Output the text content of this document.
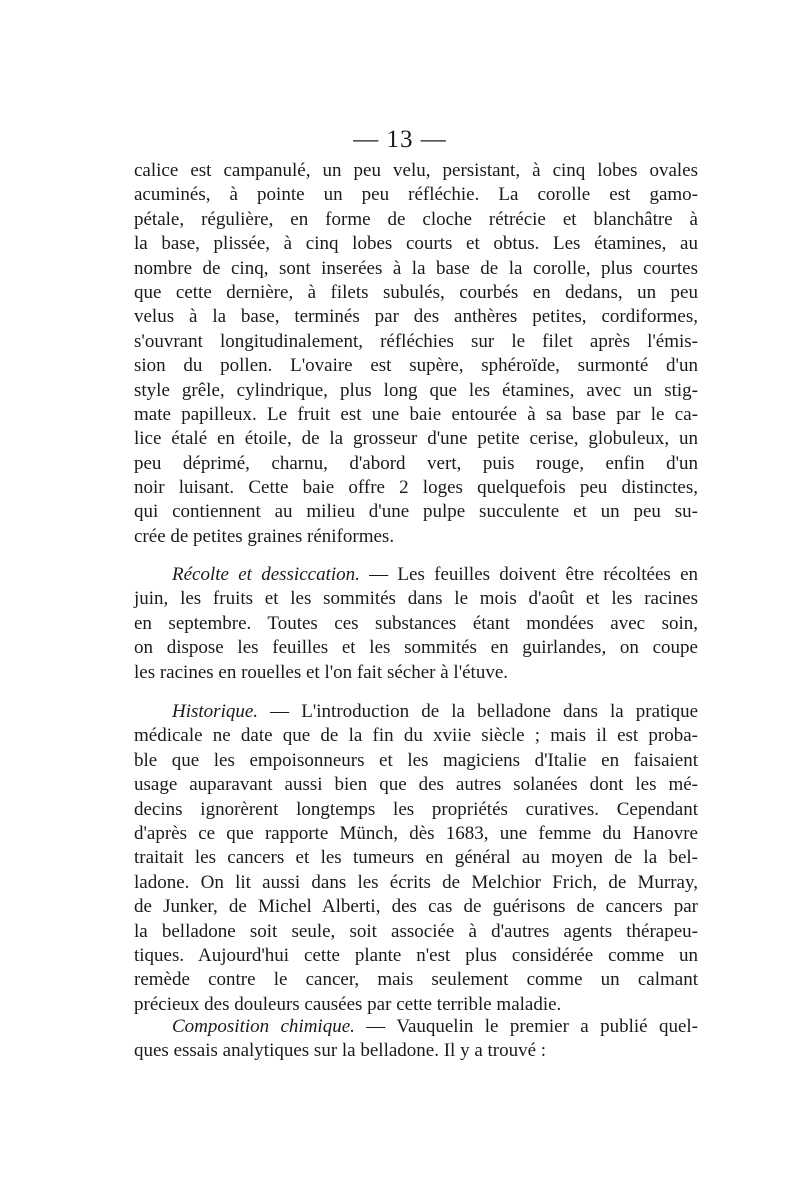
— 13 —
calice est campanulé, un peu velu, persistant, à cinq lobes ovales
acuminés, à pointe un peu réfléchie. La corolle est gamo-
pétale, régulière, en forme de cloche rétrécie et blanchâtre à
la base, plissée, à cinq lobes courts et obtus. Les étamines, au
nombre de cinq, sont inserées à la base de la corolle, plus courtes
que cette dernière, à filets subulés, courbés en dedans, un peu
velus à la base, terminés par des anthères petites, cordiformes,
s'ouvrant longitudinalement, réfléchies sur le filet après l'émis-
sion du pollen. L'ovaire est supère, sphéroïde, surmonté d'un
style grêle, cylindrique, plus long que les étamines, avec un stig-
mate papilleux. Le fruit est une baie entourée à sa base par le ca-
lice étalé en étoile, de la grosseur d'une petite cerise, globuleux, un
peu déprimé, charnu, d'abord vert, puis rouge, enfin d'un
noir luisant. Cette baie offre 2 loges quelquefois peu distinctes,
qui contiennent au milieu d'une pulpe succulente et un peu su-
crée de petites graines réniformes.
Récolte et dessiccation. — Les feuilles doivent être récoltées en
juin, les fruits et les sommités dans le mois d'août et les racines
en septembre. Toutes ces substances étant mondées avec soin,
on dispose les feuilles et les sommités en guirlandes, on coupe
les racines en rouelles et l'on fait sécher à l'étuve.
Historique. — L'introduction de la belladone dans la pratique
médicale ne date que de la fin du xviie siècle ; mais il est proba-
ble que les empoisonneurs et les magiciens d'Italie en faisaient
usage auparavant aussi bien que des autres solanées dont les mé-
decins ignorèrent longtemps les propriétés curatives. Cependant
d'après ce que rapporte Münch, dès 1683, une femme du Hanovre
traitait les cancers et les tumeurs en général au moyen de la bel-
ladone. On lit aussi dans les écrits de Melchior Frich, de Murray,
de Junker, de Michel Alberti, des cas de guérisons de cancers par
la belladone soit seule, soit associée à d'autres agents thérapeu-
tiques. Aujourd'hui cette plante n'est plus considérée comme un
remède contre le cancer, mais seulement comme un calmant
précieux des douleurs causées par cette terrible maladie.
Composition chimique. — Vauquelin le premier a publié quel-
ques essais analytiques sur la belladone. Il y a trouvé :
